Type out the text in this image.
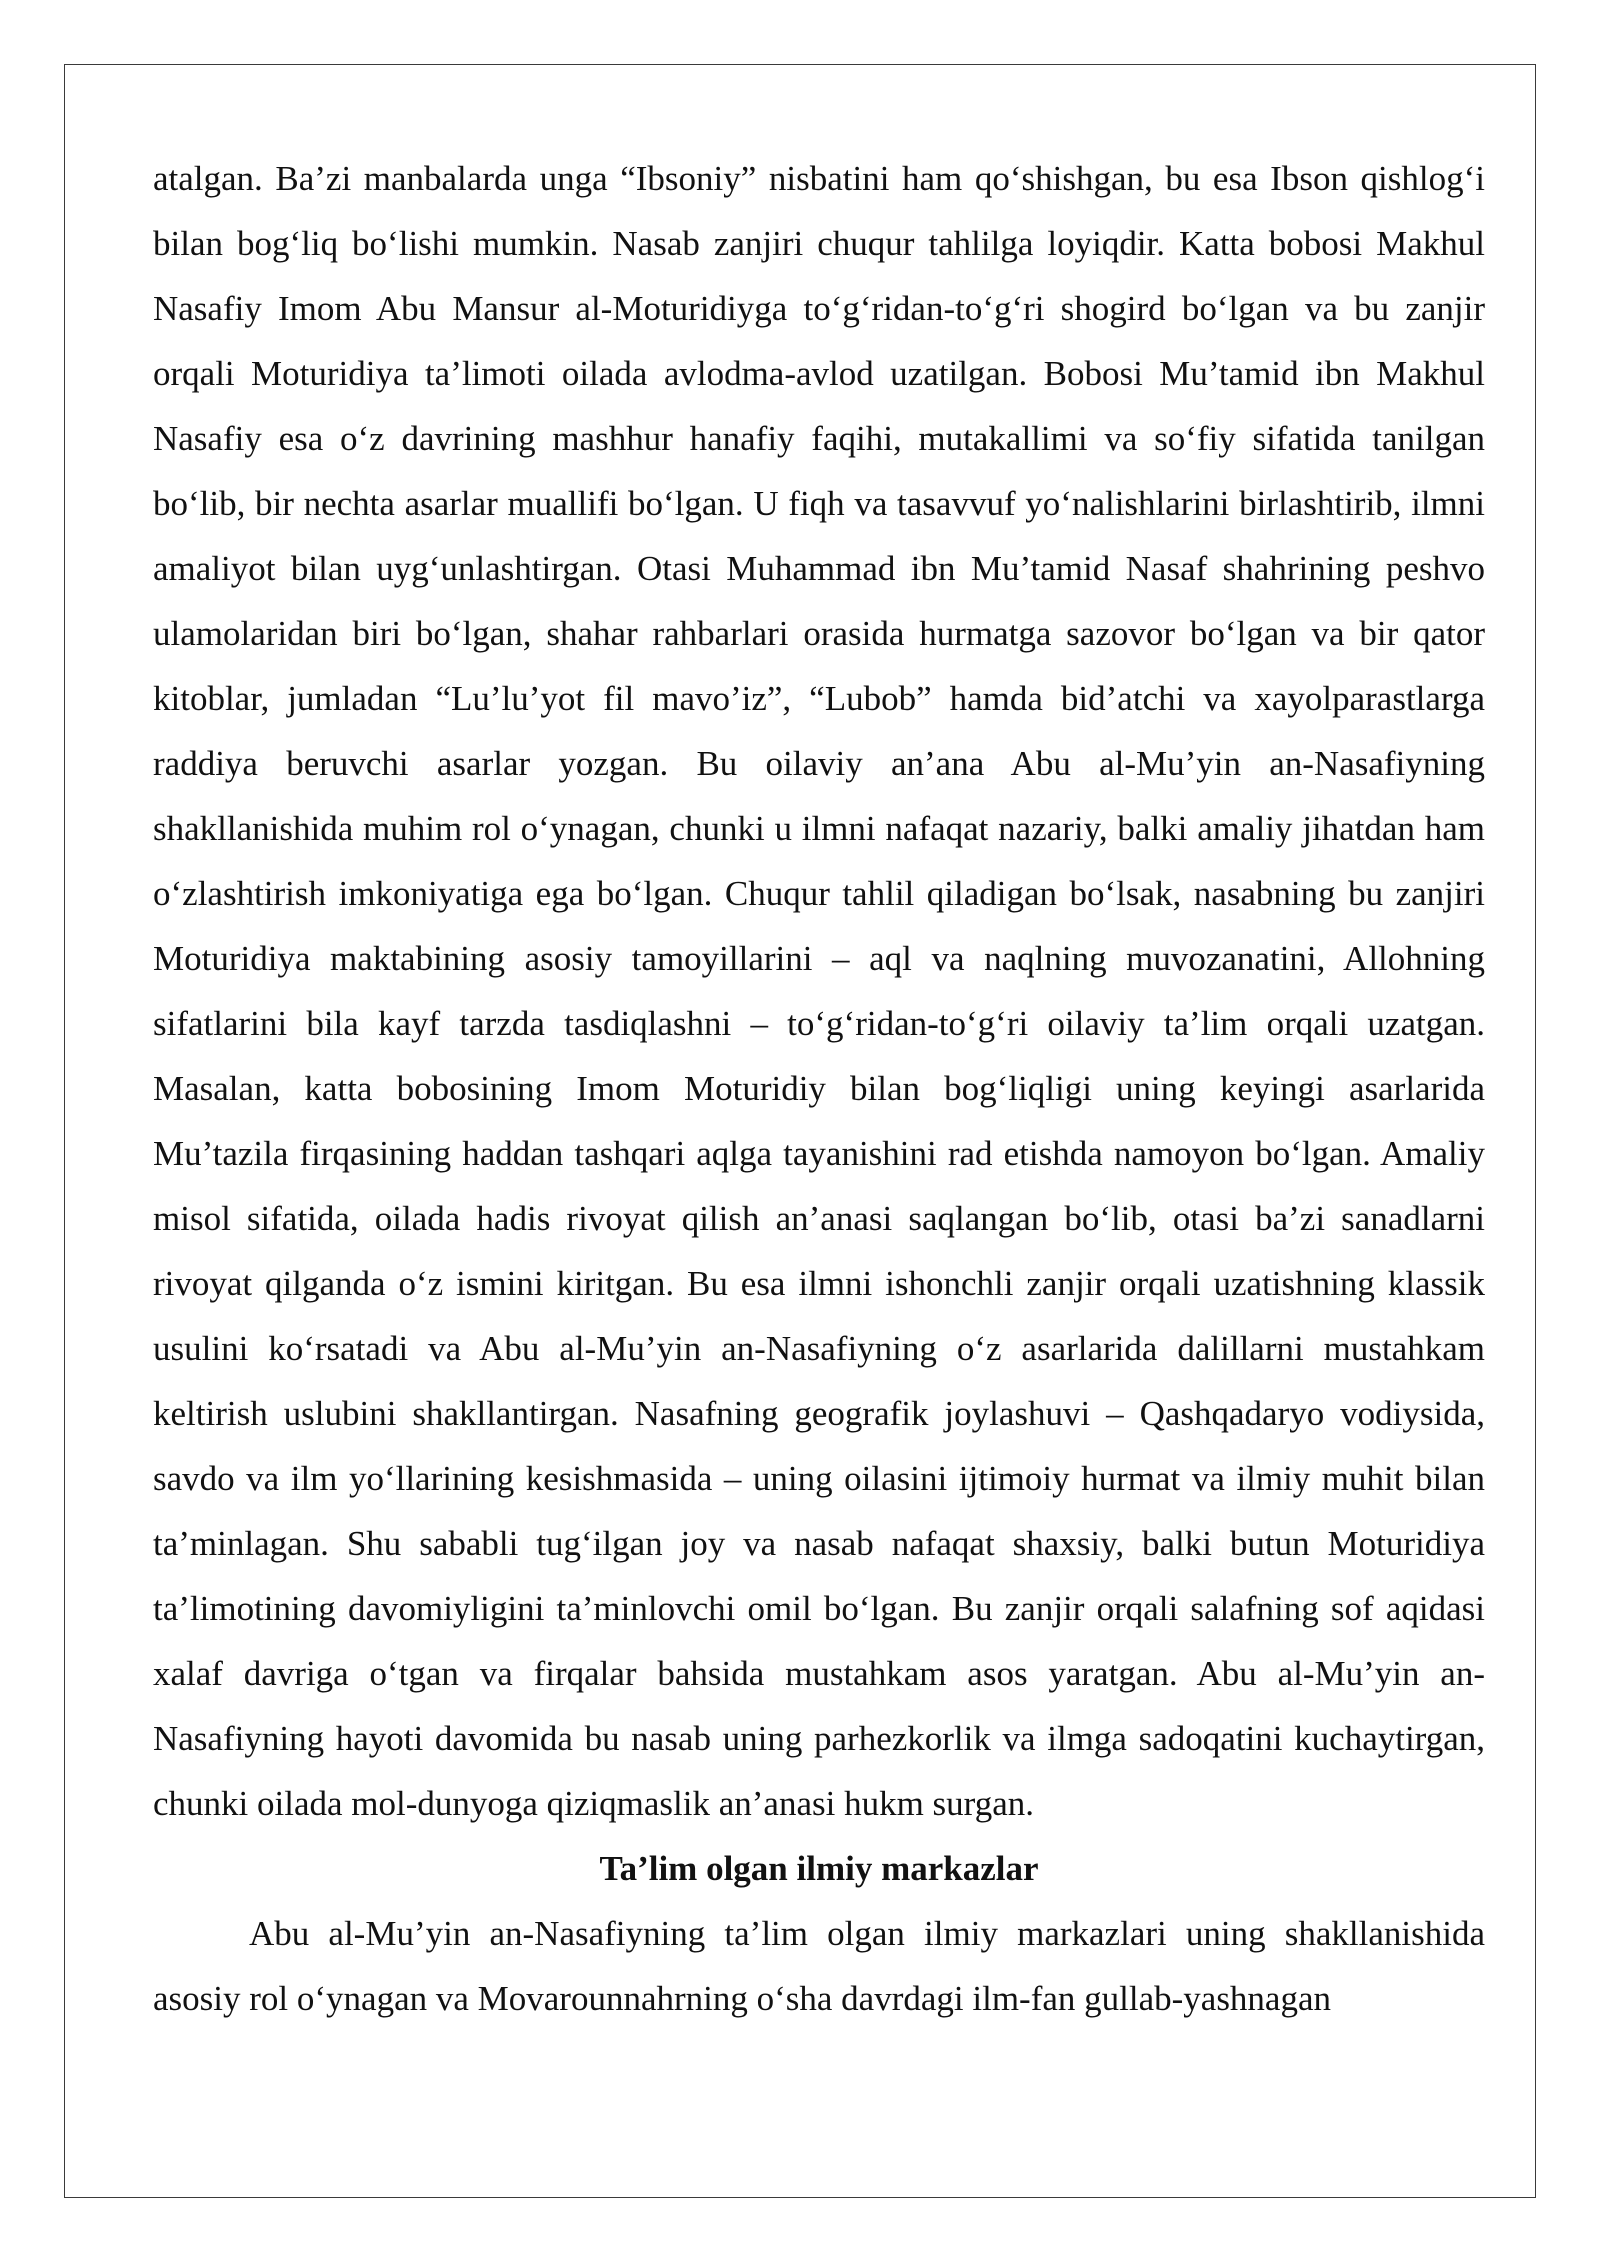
atalgan. Ba’zi manbalarda unga “Ibsoniy” nisbatini ham qo‘shishgan, bu esa Ibson qishlog‘i bilan bog‘liq bo‘lishi mumkin. Nasab zanjiri chuqur tahlilga loyiqdir. Katta bobosi Makhul Nasafiy Imom Abu Mansur al-Moturidiyga to‘g‘ridan-to‘g‘ri shogird bo‘lgan va bu zanjir orqali Moturidiya ta’limoti oilada avlodma-avlod uzatilgan. Bobosi Mu’tamid ibn Makhul Nasafiy esa o‘z davrining mashhur hanafiy faqihi, mutakallimi va so‘fiy sifatida tanilgan bo‘lib, bir nechta asarlar muallifi bo‘lgan. U fiqh va tasavvuf yo‘nalishlarini birlashtirib, ilmni amaliyot bilan uyg‘unlashtirgan. Otasi Muhammad ibn Mu’tamid Nasaf shahrining peshvo ulamolaridan biri bo‘lgan, shahar rahbarlari orasida hurmatga sazovor bo‘lgan va bir qator kitoblar, jumladan “Lu’lu’yot fil mavo’iz”, “Lubob” hamda bid’atchi va xayolparastlarga raddiya beruvchi asarlar yozgan. Bu oilaviy an’ana Abu al-Mu’yin an-Nasafiyning shakllanishida muhim rol o‘ynagan, chunki u ilmni nafaqat nazariy, balki amaliy jihatdan ham o‘zlashtirish imkoniyatiga ega bo‘lgan. Chuqur tahlil qiladigan bo‘lsak, nasabning bu zanjiri Moturidiya maktabining asosiy tamoyillarini – aql va naqlning muvozanatini, Allohning sifatlarini bila kayf tarzda tasdiqlashni – to‘g‘ridan-to‘g‘ri oilaviy ta’lim orqali uzatgan. Masalan, katta bobosining Imom Moturidiy bilan bog‘liqligi uning keyingi asarlarida Mu’tazila firqasining haddan tashqari aqlga tayanishini rad etishda namoyon bo‘lgan. Amaliy misol sifatida, oilada hadis rivoyat qilish an’anasi saqlangan bo‘lib, otasi ba’zi sanadlarni rivoyat qilganda o‘z ismini kiritgan. Bu esa ilmni ishonchli zanjir orqali uzatishning klassik usulini ko‘rsatadi va Abu al-Mu’yin an-Nasafiyning o‘z asarlarida dalillarni mustahkam keltirish uslubini shakllantirgan. Nasafning geografik joylashuvi – Qashqadaryo vodiysida, savdo va ilm yo‘llarining kesishmasida – uning oilasini ijtimoiy hurmat va ilmiy muhit bilan ta’minlagan. Shu sababli tug‘ilgan joy va nasab nafaqat shaxsiy, balki butun Moturidiya ta’limotining davomiyligini ta’minlovchi omil bo‘lgan. Bu zanjir orqali salafning sof aqidasi xalaf davriga o‘tgan va firqalar bahsida mustahkam asos yaratgan. Abu al-Mu’yin an-Nasafiyning hayoti davomida bu nasab uning parhezkorlik va ilmga sadoqatini kuchaytirgan, chunki oilada mol-dunyoga qiziqmaslik an’anasi hukm surgan.

Ta’lim olgan ilmiy markazlar

Abu al-Mu’yin an-Nasafiyning ta’lim olgan ilmiy markazlari uning shakllanishida asosiy rol o‘ynagan va Movarounnahrning o‘sha davrdagi ilm-fan gullab-yashnagan
